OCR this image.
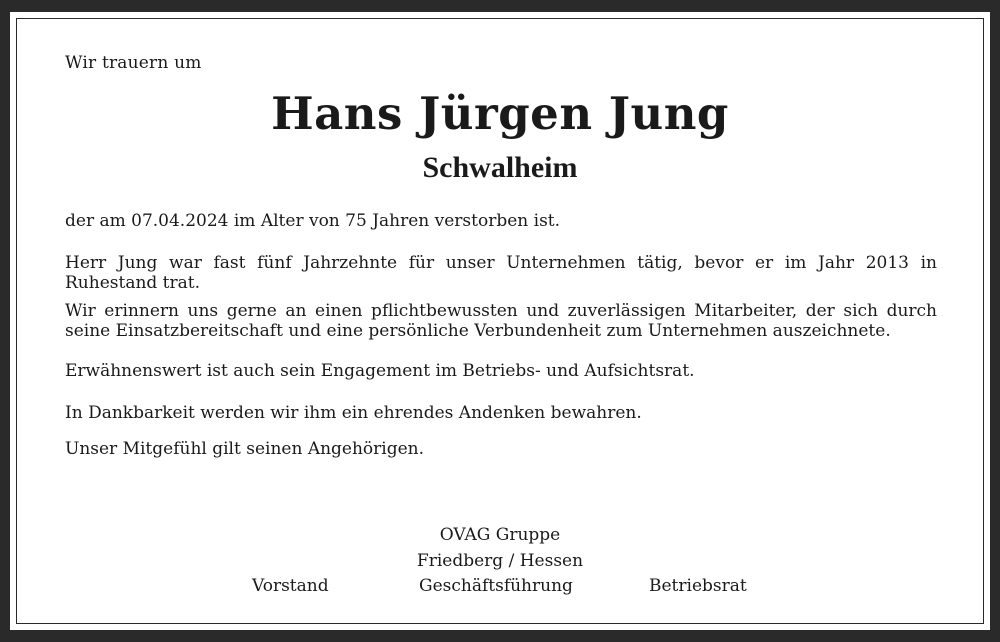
Wir trauern um
Hans Jürgen Jung
Schwalheim
der am 07.04.2024 im Alter von 75 Jahren verstorben ist.
Herr Jung war fast fünf Jahrzehnte für unser Unternehmen tätig, bevor er im Jahr 2013 in Ruhestand trat.
Wir erinnern uns gerne an einen pflichtbewussten und zuverlässigen Mitarbeiter, der sich durch seine Einsatzbereitschaft und eine persönliche Verbundenheit zum Unternehmen auszeichnete.
Erwähnenswert ist auch sein Engagement im Betriebs- und Aufsichtsrat.
In Dankbarkeit werden wir ihm ein ehrendes Andenken bewahren.
Unser Mitgefühl gilt seinen Angehörigen.
OVAG Gruppe
Friedberg / Hessen
Vorstand	Geschäftsführung	Betriebsrat
